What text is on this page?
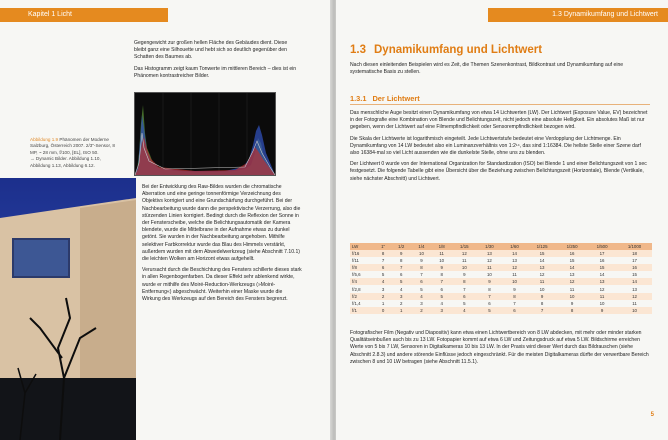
Kapitel 1 Licht

Gegengewicht zur großen hellen Fläche des Gebäudes dient. Diese bleibt ganz eine Silhouette und hebt sich so deutlich gegenüber den Schatten des Baumes ab.

Das Histogramm zeigt kaum Tonwerte im mittleren Bereich – dies ist ein Phänomen kontrastreicher Bilder.

Abbildung 1.9 Phänomen der Moderne Salzburg, Österreich 2007. 2/3"-Sensor, 8 MP, ~ 28 mm, f/100, [EL], ISO 50.
→ Dynamic Bilder. Abbildung 1.10, Abbildung 1.13, Abbildung 6.12.

Bei der Entwicklung des Raw-Bildes wurden die chromatische Aberration und eine geringe tonnenförmige Verzeichnung des Objektivs korrigiert und eine Grundschärfung durchgeführt. Bei der Nachbearbeitung wurde dann die perspektivische Verzerrung, also die stürzenden Linien korrigiert. Bedingt durch die Reflexion der Sonne in der Fensterscheibe, welche die Belichtungsautomatik der Kamera blendete, wurde die Mittelbrane in der Aufnahme etwas zu dunkel getönt. Sie wurden in der Nachbearbeitung angehoben. Mithilfe selektiver Farbkorrektur wurde das Blau des Himmels verstärkt, außerdem wurden mit dem Abwedelwerkzeug (siehe Abschnitt 7.10.1) die leichten Wolken am Horizont etwas aufgehellt.

Verursacht durch die Beschichtung des Fensters schillerte dieses stark in allen Regenbogenfarben. Da dieser Effekt sehr ablenkend wirkte, wurde er mithilfe des Moiré-Reduction-Werkzeugs (»Moiré-Entfernung«) abgeschwächt. Weiterhin einer Maske wurde die Wirkung des Werkzeugs auf den Bereich des Fensters begrenzt.

1.3 Dynamikumfang und Lichtwert
1.3 Dynamikumfang und Lichtwert
Nach diesen einleitenden Beispielen wird es Zeit, die Themen Szenenkontrast, Bildkontrast und Dynamikumfang auf eine systematische Basis zu stellen.
1.3.1 Der Lichtwert

Das menschliche Auge besitzt einen Dynamikumfang von etwa 14 Lichtwerten (LW). Der Lichtwert (Exposure Value, EV) bezeichnet in der Fotografie eine Kombination von Blende und Belichtungszeit, nicht jedoch eine absolute Helligkeit. Ein absolutes Maß ist nur gegeben, wenn der Lichtwert auf eine Filmempfindlichkeit oder Sensorempfindlichkeit bezogen wird.

Die Skala der Lichtwerte ist logarithmisch eingeteilt. Jede Lichtwertstufe bedeutet eine Verdopplung der Lichtmenge. Ein Dynamikumfang von 14 LW bedeutet also ein Luminanzverhältnis von 1:2¹⁴, das sind 1:16384. Die hellste Stelle einer Szene darf also 16384-mal so viel Licht aussenden wie die dunkelste Stelle, ohne uns zu blenden.

Der Lichtwert 0 wurde von der International Organization for Standardization (ISO) bei Blende 1 und einer Belichtungszeit von 1 sec festgesetzt. Die folgende Tabelle gibt eine Übersicht über die Beziehung zwischen Belichtungszeit (Horizontale), Blende (Vertikale, siehe nächster Abschnitt) und Lichtwert.

LW	1"	1/2	1/4	1/8	1/15	1/30	1/60	1/125	1/250	1/500	1/1000
f/16	8	9	10	11	12	13	14	15	16	17	18
f/11	7	8	9	10	11	12	13	14	15	16	17
f/8	6	7	8	9	10	11	12	13	14	15	16
f/5,6	5	6	7	8	9	10	11	12	13	14	15
f/4	4	5	6	7	8	9	10	11	12	13	14
f/2,8	3	4	5	6	7	8	9	10	11	12	13
f/2	2	3	4	5	6	7	8	9	10	11	12
f/1,4	1	2	3	4	5	6	7	8	9	10	11
f/1	0	1	2	3	4	5	6	7	8	9	10
Fotografischer Film (Negativ und Diapositiv) kann etwa einen Lichtwertbereich von 8 LW abdecken, mit mehr oder minder starken Qualitätseinbußen auch bis zu 13 LW. Fotopapier kommt auf etwa 6 LW und Zeitungsdruck auf etwa 5 LW. Bildschirme erreichen Werte von 5 bis 7 LW, Sensoren in Digitalkameras 10 bis 13 LW. In der Praxis wird dieser Wert durch das Bildrauschen (siehe Abschnitt 2.8.3) und andere störende Einflüsse jedoch eingeschränkt. Für die meisten Digitalkameras dürfte der verwertbare Bereich zwischen 8 und 10 LW betragen (siehe Abschnitt 11.5.1).
5
